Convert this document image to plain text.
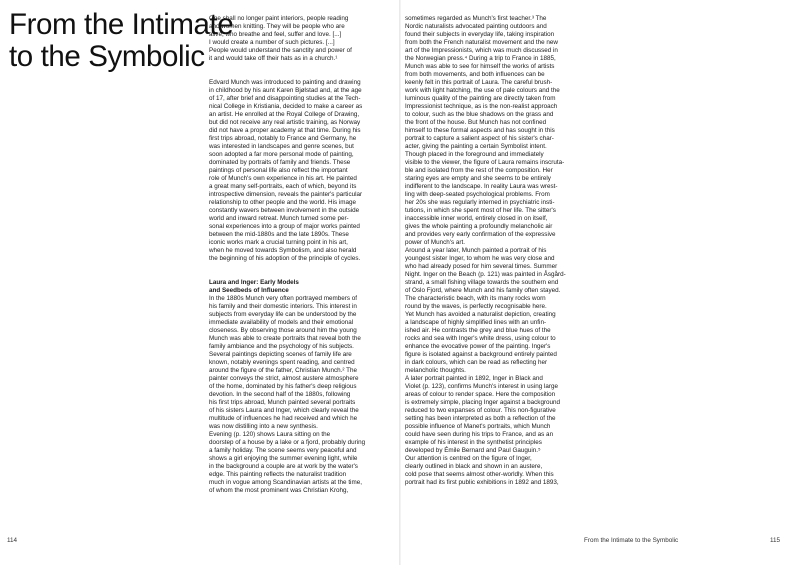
From the Intimate
to the Symbolic
One shall no longer paint interiors, people reading
and women knitting. They will be people who are
alive, who breathe and feel, suffer and love. [...]
I would create a number of such pictures. [...]
People would understand the sanctity and power of
it and would take off their hats as in a church.¹
Edvard Munch was introduced to painting and drawing
in childhood by his aunt Karen Bjølstad and, at the age
of 17, after brief and disappointing studies at the Tech-
nical College in Kristiania, decided to make a career as
an artist. He enrolled at the Royal College of Drawing,
but did not receive any real artistic training, as Norway
did not have a proper academy at that time. During his
first trips abroad, notably to France and Germany, he
was interested in landscapes and genre scenes, but
soon adopted a far more personal mode of painting,
dominated by portraits of family and friends. These
paintings of personal life also reflect the important
role of Munch's own experience in his art. He painted
a great many self-portraits, each of which, beyond its
introspective dimension, reveals the painter's particular
relationship to other people and the world. His image
constantly wavers between involvement in the outside
world and inward retreat. Munch turned some per-
sonal experiences into a group of major works painted
between the mid-1880s and the late 1890s. These
iconic works mark a crucial turning point in his art,
when he moved towards Symbolism, and also herald
the beginning of his adoption of the principle of cycles.
Laura and Inger: Early Models
and Seedbeds of Influence
In the 1880s Munch very often portrayed members of
his family and their domestic interiors. This interest in
subjects from everyday life can be understood by the
immediate availability of models and their emotional
closeness. By observing those around him the young
Munch was able to create portraits that reveal both the
family ambiance and the psychology of his subjects.
Several paintings depicting scenes of family life are
known, notably evenings spent reading, and centred
around the figure of the father, Christian Munch.² The
painter conveys the strict, almost austere atmosphere
of the home, dominated by his father's deep religious
devotion. In the second half of the 1880s, following
his first trips abroad, Munch painted several portraits
of his sisters Laura and Inger, which clearly reveal the
multitude of influences he had received and which he
was now distilling into a new synthesis.
Evening (p. 120) shows Laura sitting on the
doorstep of a house by a lake or a fjord, probably during
a family holiday. The scene seems very peaceful and
shows a girl enjoying the summer evening light, while
in the background a couple are at work by the water's
edge. This painting reflects the naturalist tradition
much in vogue among Scandinavian artists at the time,
of whom the most prominent was Christian Krohg,
sometimes regarded as Munch's first teacher.³ The
Nordic naturalists advocated painting outdoors and
found their subjects in everyday life, taking inspiration
from both the French naturalist movement and the new
art of the Impressionists, which was much discussed in
the Norwegian press.⁴ During a trip to France in 1885,
Munch was able to see for himself the works of artists
from both movements, and both influences can be
keenly felt in this portrait of Laura. The careful brush-
work with light hatching, the use of pale colours and the
luminous quality of the painting are directly taken from
Impressionist technique, as is the non-realist approach
to colour, such as the blue shadows on the grass and
the front of the house. But Munch has not confined
himself to these formal aspects and has sought in this
portrait to capture a salient aspect of his sister's char-
acter, giving the painting a certain Symbolist intent.
Though placed in the foreground and immediately
visible to the viewer, the figure of Laura remains inscruta-
ble and isolated from the rest of the composition. Her
staring eyes are empty and she seems to be entirely
indifferent to the landscape. In reality Laura was wrest-
ling with deep-seated psychological problems. From
her 20s she was regularly interned in psychiatric insti-
tutions, in which she spent most of her life. The sitter's
inaccessible inner world, entirely closed in on itself,
gives the whole painting a profoundly melancholic air
and provides very early confirmation of the expressive
power of Munch's art.
Around a year later, Munch painted a portrait of his
youngest sister Inger, to whom he was very close and
who had already posed for him several times. Summer
Night. Inger on the Beach (p. 121) was painted in Åsgård-
strand, a small fishing village towards the southern end
of Oslo Fjord, where Munch and his family often stayed.
The characteristic beach, with its many rocks worn
round by the waves, is perfectly recognisable here.
Yet Munch has avoided a naturalist depiction, creating
a landscape of highly simplified lines with an unfin-
ished air. He contrasts the grey and blue hues of the
rocks and sea with Inger's white dress, using colour to
enhance the evocative power of the painting. Inger's
figure is isolated against a background entirely painted
in dark colours, which can be read as reflecting her
melancholic thoughts.
A later portrait painted in 1892, Inger in Black and
Violet (p. 123), confirms Munch's interest in using large
areas of colour to render space. Here the composition
is extremely simple, placing Inger against a background
reduced to two expanses of colour. This non-figurative
setting has been interpreted as both a reflection of the
possible influence of Manet's portraits, which Munch
could have seen during his trips to France, and as an
example of his interest in the synthetist principles
developed by Émile Bernard and Paul Gauguin.⁵
Our attention is centred on the figure of Inger,
clearly outlined in black and shown in an austere,
cold pose that seems almost other-worldly. When this
portrait had its first public exhibitions in 1892 and 1893,
114	From the Intimate to the Symbolic	115
